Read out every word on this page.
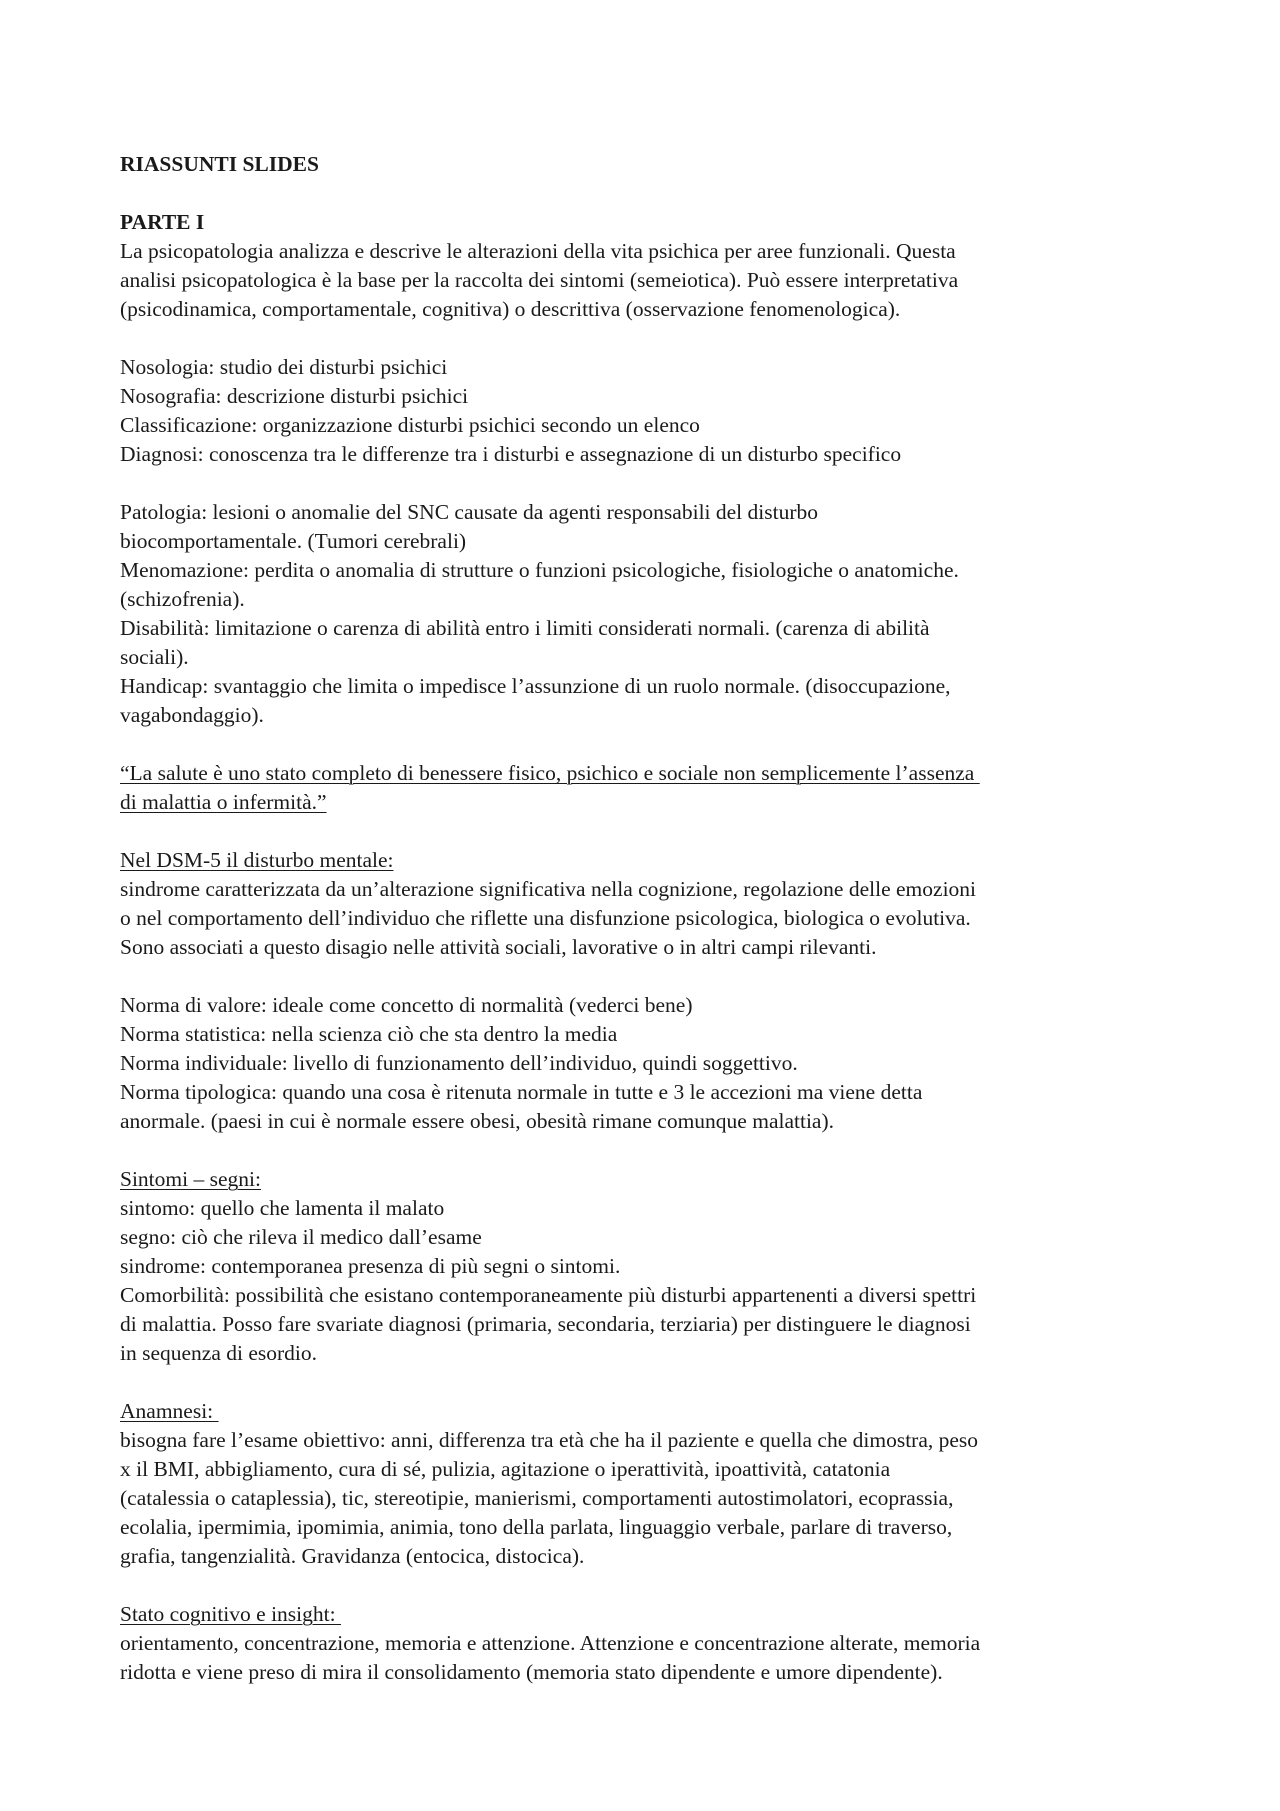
RIASSUNTI SLIDES
PARTE I
La psicopatologia analizza e descrive le alterazioni della vita psichica per aree funzionali. Questa
analisi psicopatologica è la base per la raccolta dei sintomi (semeiotica). Può essere interpretativa
(psicodinamica, comportamentale, cognitiva) o descrittiva (osservazione fenomenologica).
Nosologia: studio dei disturbi psichici
Nosografia: descrizione disturbi psichici
Classificazione: organizzazione disturbi psichici secondo un elenco
Diagnosi: conoscenza tra le differenze tra i disturbi e assegnazione di un disturbo specifico
Patologia: lesioni o anomalie del SNC causate da agenti responsabili del disturbo
biocomportamentale. (Tumori cerebrali)
Menomazione: perdita o anomalia di strutture o funzioni psicologiche, fisiologiche o anatomiche.
(schizofrenia).
Disabilità: limitazione o carenza di abilità entro i limiti considerati normali. (carenza di abilità
sociali).
Handicap: svantaggio che limita o impedisce l’assunzione di un ruolo normale. (disoccupazione,
vagabondaggio).
“La salute è uno stato completo di benessere fisico, psichico e sociale non semplicemente l’assenza
di malattia o infermità.”
Nel DSM-5 il disturbo mentale:
sindrome caratterizzata da un’alterazione significativa nella cognizione, regolazione delle emozioni
o nel comportamento dell’individuo che riflette una disfunzione psicologica, biologica o evolutiva.
Sono associati a questo disagio nelle attività sociali, lavorative o in altri campi rilevanti.
Norma di valore: ideale come concetto di normalità (vederci bene)
Norma statistica: nella scienza ciò che sta dentro la media
Norma individuale: livello di funzionamento dell’individuo, quindi soggettivo.
Norma tipologica: quando una cosa è ritenuta normale in tutte e 3 le accezioni ma viene detta
anormale. (paesi in cui è normale essere obesi, obesità rimane comunque malattia).
Sintomi – segni:
sintomo: quello che lamenta il malato
segno: ciò che rileva il medico dall’esame
sindrome: contemporanea presenza di più segni o sintomi.
Comorbilità: possibilità che esistano contemporaneamente più disturbi appartenenti a diversi spettri
di malattia. Posso fare svariate diagnosi (primaria, secondaria, terziaria) per distinguere le diagnosi
in sequenza di esordio.
Anamnesi:
bisogna fare l’esame obiettivo: anni, differenza tra età che ha il paziente e quella che dimostra, peso
x il BMI, abbigliamento, cura di sé, pulizia, agitazione o iperattività, ipoattività, catatonia
(catalessia o cataplessia), tic, stereotipie, manierismi, comportamenti autostimolatori, ecoprassia,
ecolalia, ipermimia, ipomimia, animia, tono della parlata, linguaggio verbale, parlare di traverso,
grafia, tangenzialità. Gravidanza (entocica, distocica).
Stato cognitivo e insight:
orientamento, concentrazione, memoria e attenzione. Attenzione e concentrazione alterate, memoria
ridotta e viene preso di mira il consolidamento (memoria stato dipendente e umore dipendente).
